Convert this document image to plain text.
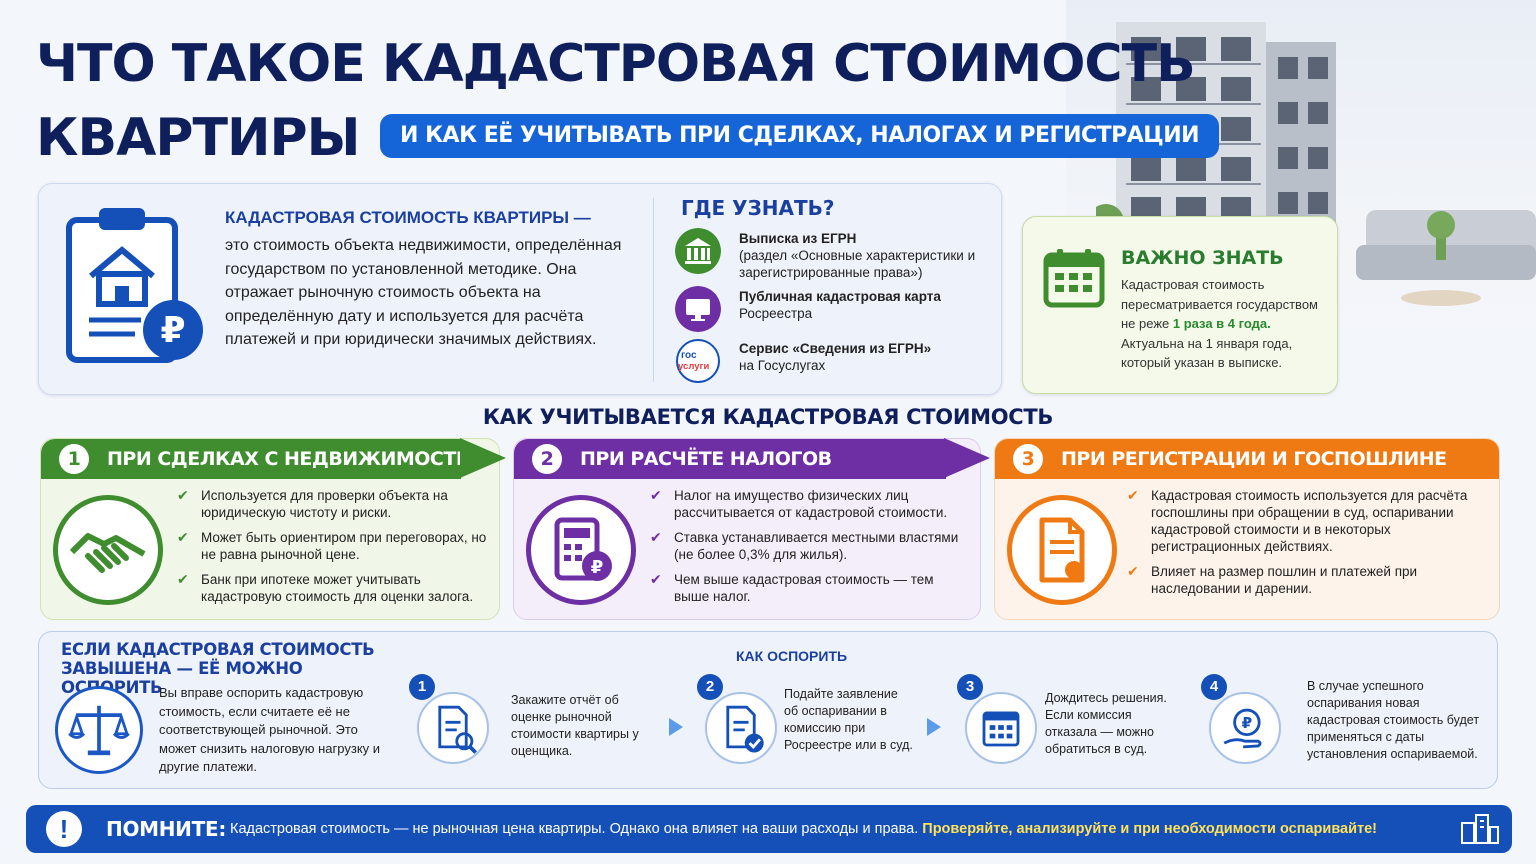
ЧТО ТАКОЕ КАДАСТРОВАЯ СТОИМОСТЬ
КВАРТИРЫ	И КАК ЕЁ УЧИТЫВАТЬ ПРИ СДЕЛКАХ, НАЛОГАХ И РЕГИСТРАЦИИ
₽
КАДАСТРОВАЯ СТОИМОСТЬ КВАРТИРЫ —
это стоимость объекта недвижимости, определённая государством по установленной методике. Она отражает рыночную стоимость объекта на определённую дату и используется для расчёта платежей и при юридически значимых действиях.
ГДЕ УЗНАТЬ?
Выписка из ЕГРН
(раздел «Основные характеристики и зарегистрированные права»)
Публичная кадастровая карта
Росреестра
гос
услуги
Сервис «Сведения из ЕГРН»
на Госуслугах
ВАЖНО ЗНАТЬ
Кадастровая стоимость пересматривается государством не реже 1 раза в 4 года.
Актуальна на 1 января года, который указан в выписке.
КАК УЧИТЫВАЕТСЯ КАДАСТРОВАЯ СТОИМОСТЬ
1	ПРИ СДЕЛКАХ С НЕДВИЖИМОСТЬЮ
✔ Используется для проверки объекта на юридическую чистоту и риски.
✔ Может быть ориентиром при переговорах, но не равна рыночной цене.
✔ Банк при ипотеке может учитывать кадастровую стоимость для оценки залога.
2	ПРИ РАСЧЁТЕ НАЛОГОВ
₽
✔ Налог на имущество физических лиц рассчитывается от кадастровой стоимости.
✔ Ставка устанавливается местными властями (не более 0,3% для жилья).
✔ Чем выше кадастровая стоимость — тем выше налог.
3	ПРИ РЕГИСТРАЦИИ И ГОСПОШЛИНЕ
✔ Кадастровая стоимость используется для расчёта госпошлины при обращении в суд, оспаривании кадастровой стоимости и в некоторых регистрационных действиях.
✔ Влияет на размер пошлин и платежей при наследовании и дарении.
ЕСЛИ КАДАСТРОВАЯ СТОИМОСТЬ ЗАВЫШЕНА — ЕЁ МОЖНО ОСПОРИТЬ
Вы вправе оспорить кадастровую стоимость, если считаете её не соответствующей рыночной. Это может снизить налоговую нагрузку и другие платежи.
КАК ОСПОРИТЬ
1
Закажите отчёт об оценке рыночной стоимости квартиры у оценщика.
2	Подайте заявление об оспаривании в комиссию при Росреестре или в суд.
3
Дождитесь решения. Если комиссия отказала — можно обратиться в суд.
4
₽
В случае успешного оспаривания новая кадастровая стоимость будет применяться с даты установления оспариваемой.
!	ПОМНИТЕ: Кадастровая стоимость — не рыночная цена квартиры. Однако она влияет на ваши расходы и права. Проверяйте, анализируйте и при необходимости оспаривайте!
